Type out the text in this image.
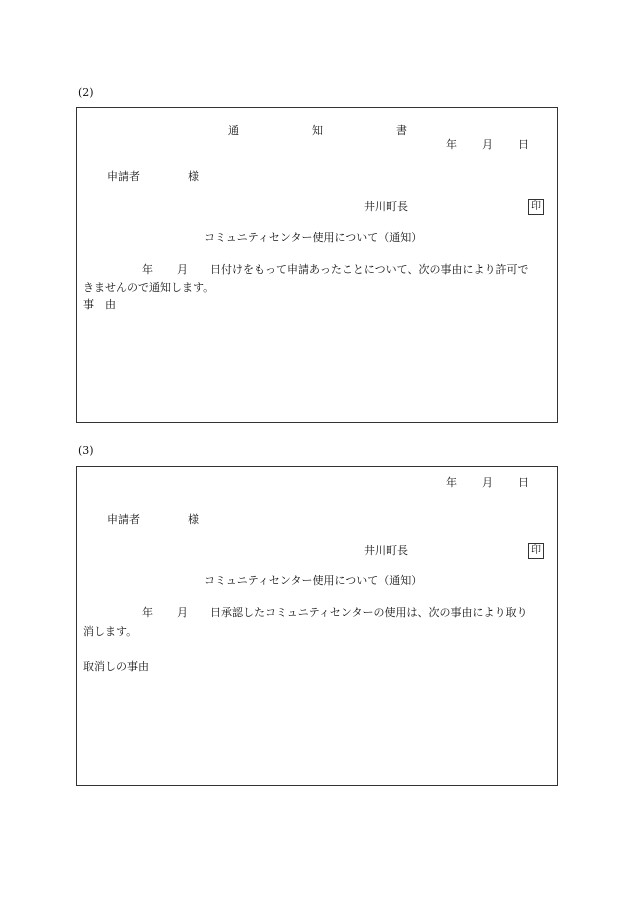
(2)
通	知	書
年 月 日
申請者	様
井川町長	印
コミュニティセンター使用について（通知）
年 月 日付けをもって申請あったことについて、次の事由により許可で
きませんので通知します。
事　由
(3)
年 月 日
申請者	様
井川町長	印
コミュニティセンター使用について（通知）
年 月 日承認したコミュニティセンターの使用は、次の事由により取り
消します。
取消しの事由
